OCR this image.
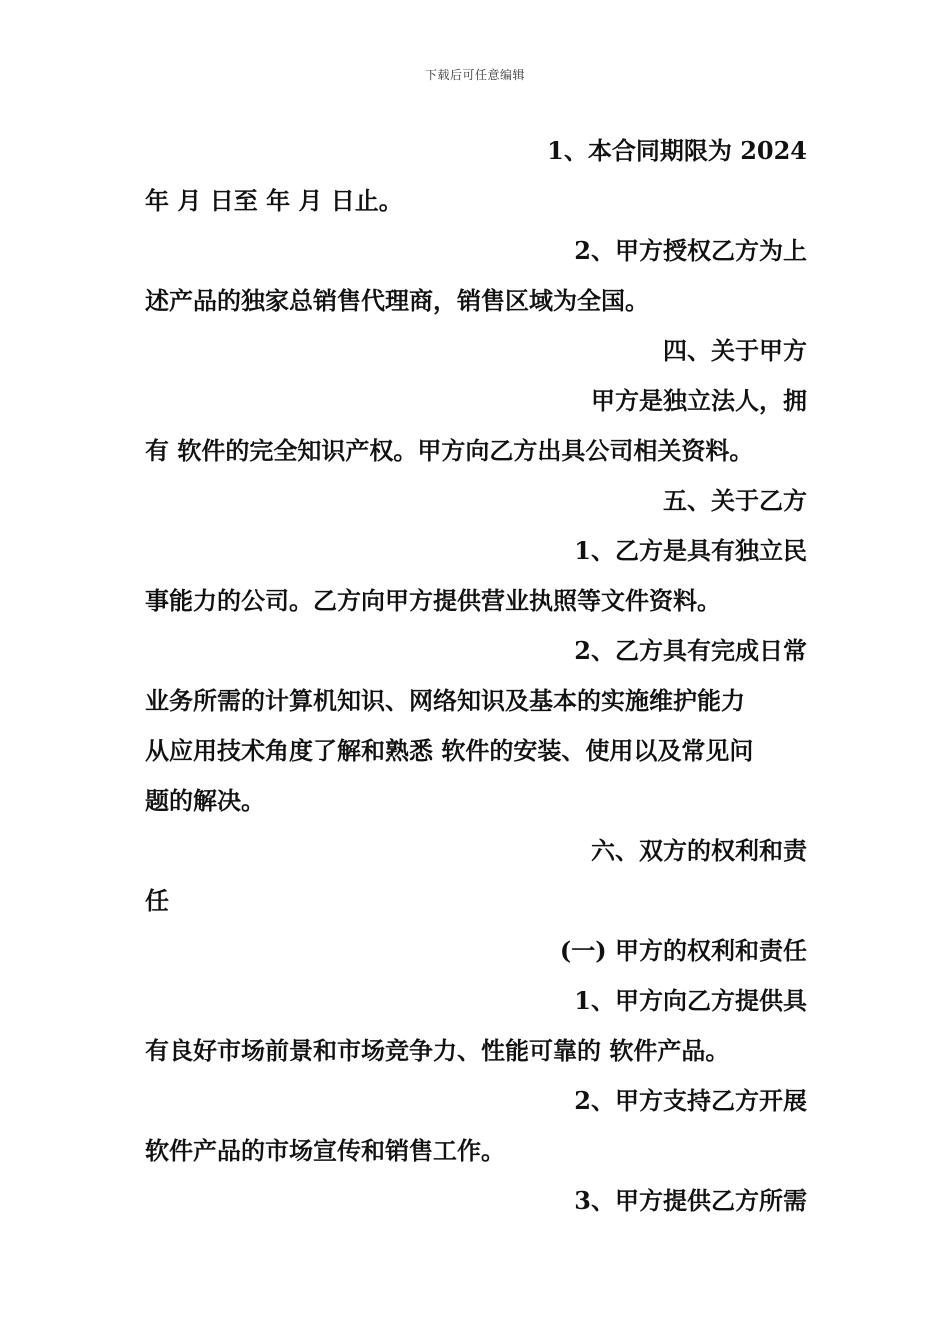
下载后可任意编辑
1、本合同期限为 2024
年 月 日至 年 月 日止。
2、甲方授权乙方为上
述产品的独家总销售代理商，销售区域为全国。
四、关于甲方　
甲方是独立法人，拥
有 软件的完全知识产权。甲方向乙方出具公司相关资料。
五、关于乙方　
1、乙方是具有独立民
事能力的公司。乙方向甲方提供营业执照等文件资料。
2、乙方具有完成日常
业务所需的计算机知识、网络知识及基本的实施维护能力
从应用技术角度了解和熟悉 软件的安装、使用以及常见问
题的解决。
六、双方的权利和责
任
(一) 甲方的权利和责任
1、甲方向乙方提供具
有良好市场前景和市场竞争力、性能可靠的 软件产品。
2、甲方支持乙方开展
软件产品的市场宣传和销售工作。
3、甲方提供乙方所需
